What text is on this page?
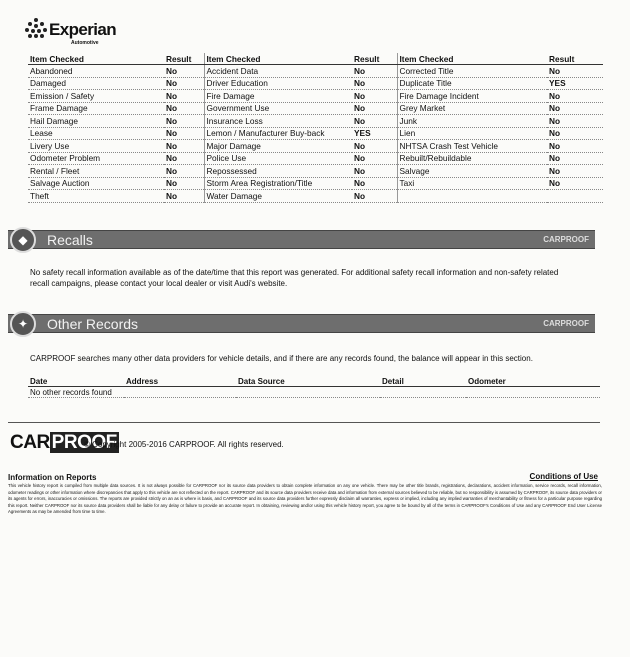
Experian
Automotive
Item Checked	Result	Item Checked	Result	Item Checked	Result
Abandoned	No	Accident Data	No	Corrected Title	No
Damaged	No	Driver Education	No	Duplicate Title	YES
Emission / Safety	No	Fire Damage	No	Fire Damage Incident	No
Frame Damage	No	Government Use	No	Grey Market	No
Hail Damage	No	Insurance Loss	No	Junk	No
Lease	No	Lemon / Manufacturer Buy-back	YES	Lien	No
Livery Use	No	Major Damage	No	NHTSA Crash Test Vehicle	No
Odometer Problem	No	Police Use	No	Rebuilt/Rebuildable	No
Rental / Fleet	No	Repossessed	No	Salvage	No
Salvage Auction	No	Storm Area Registration/Title	No	Taxi	No
Theft	No	Water Damage	No		
◆	Recalls	CARPROOF
No safety recall information available as of the date/time that this report was generated. For additional safety recall information and non-safety related recall campaigns, please contact your local dealer or visit Audi's website.
✦	Other Records	CARPROOF
CARPROOF searches many other data providers for vehicle details, and if there are any records found, the balance will appear in this section.
Date	Address	Data Source	Detail	Odometer
No other records found
CAR PROOF
© Copyright 2005-2016 CARPROOF. All rights reserved.
Information on Reports	Conditions of Use
This vehicle history report is compiled from multiple data sources. It is not always possible for CARPROOF nor its source data providers to obtain complete information on any one vehicle. There may be other title brands, registrations, declarations, accident information, service records, recall information, odometer readings or other information where discrepancies that apply to this vehicle are not reflected on the report. CARPROOF and its source data providers receive data and information from external sources believed to be reliable, but no responsibility is assumed by CARPROOF, its source data providers or its agents for errors, inaccuracies or omissions. The reports are provided strictly on an as is where is basis, and CARPROOF and its source data providers further expressly disclaim all warranties, express or implied, including any implied warranties of merchantability or fitness for a particular purpose regarding this report. Neither CARPROOF nor its source data providers shall be liable for any delay or failure to provide an accurate report. In obtaining, reviewing and/or using this vehicle history report, you agree to be bound by all of the terms in CARPROOF's Conditions of Use and any CARPROOF End User License Agreements as may be amended from time to time.
